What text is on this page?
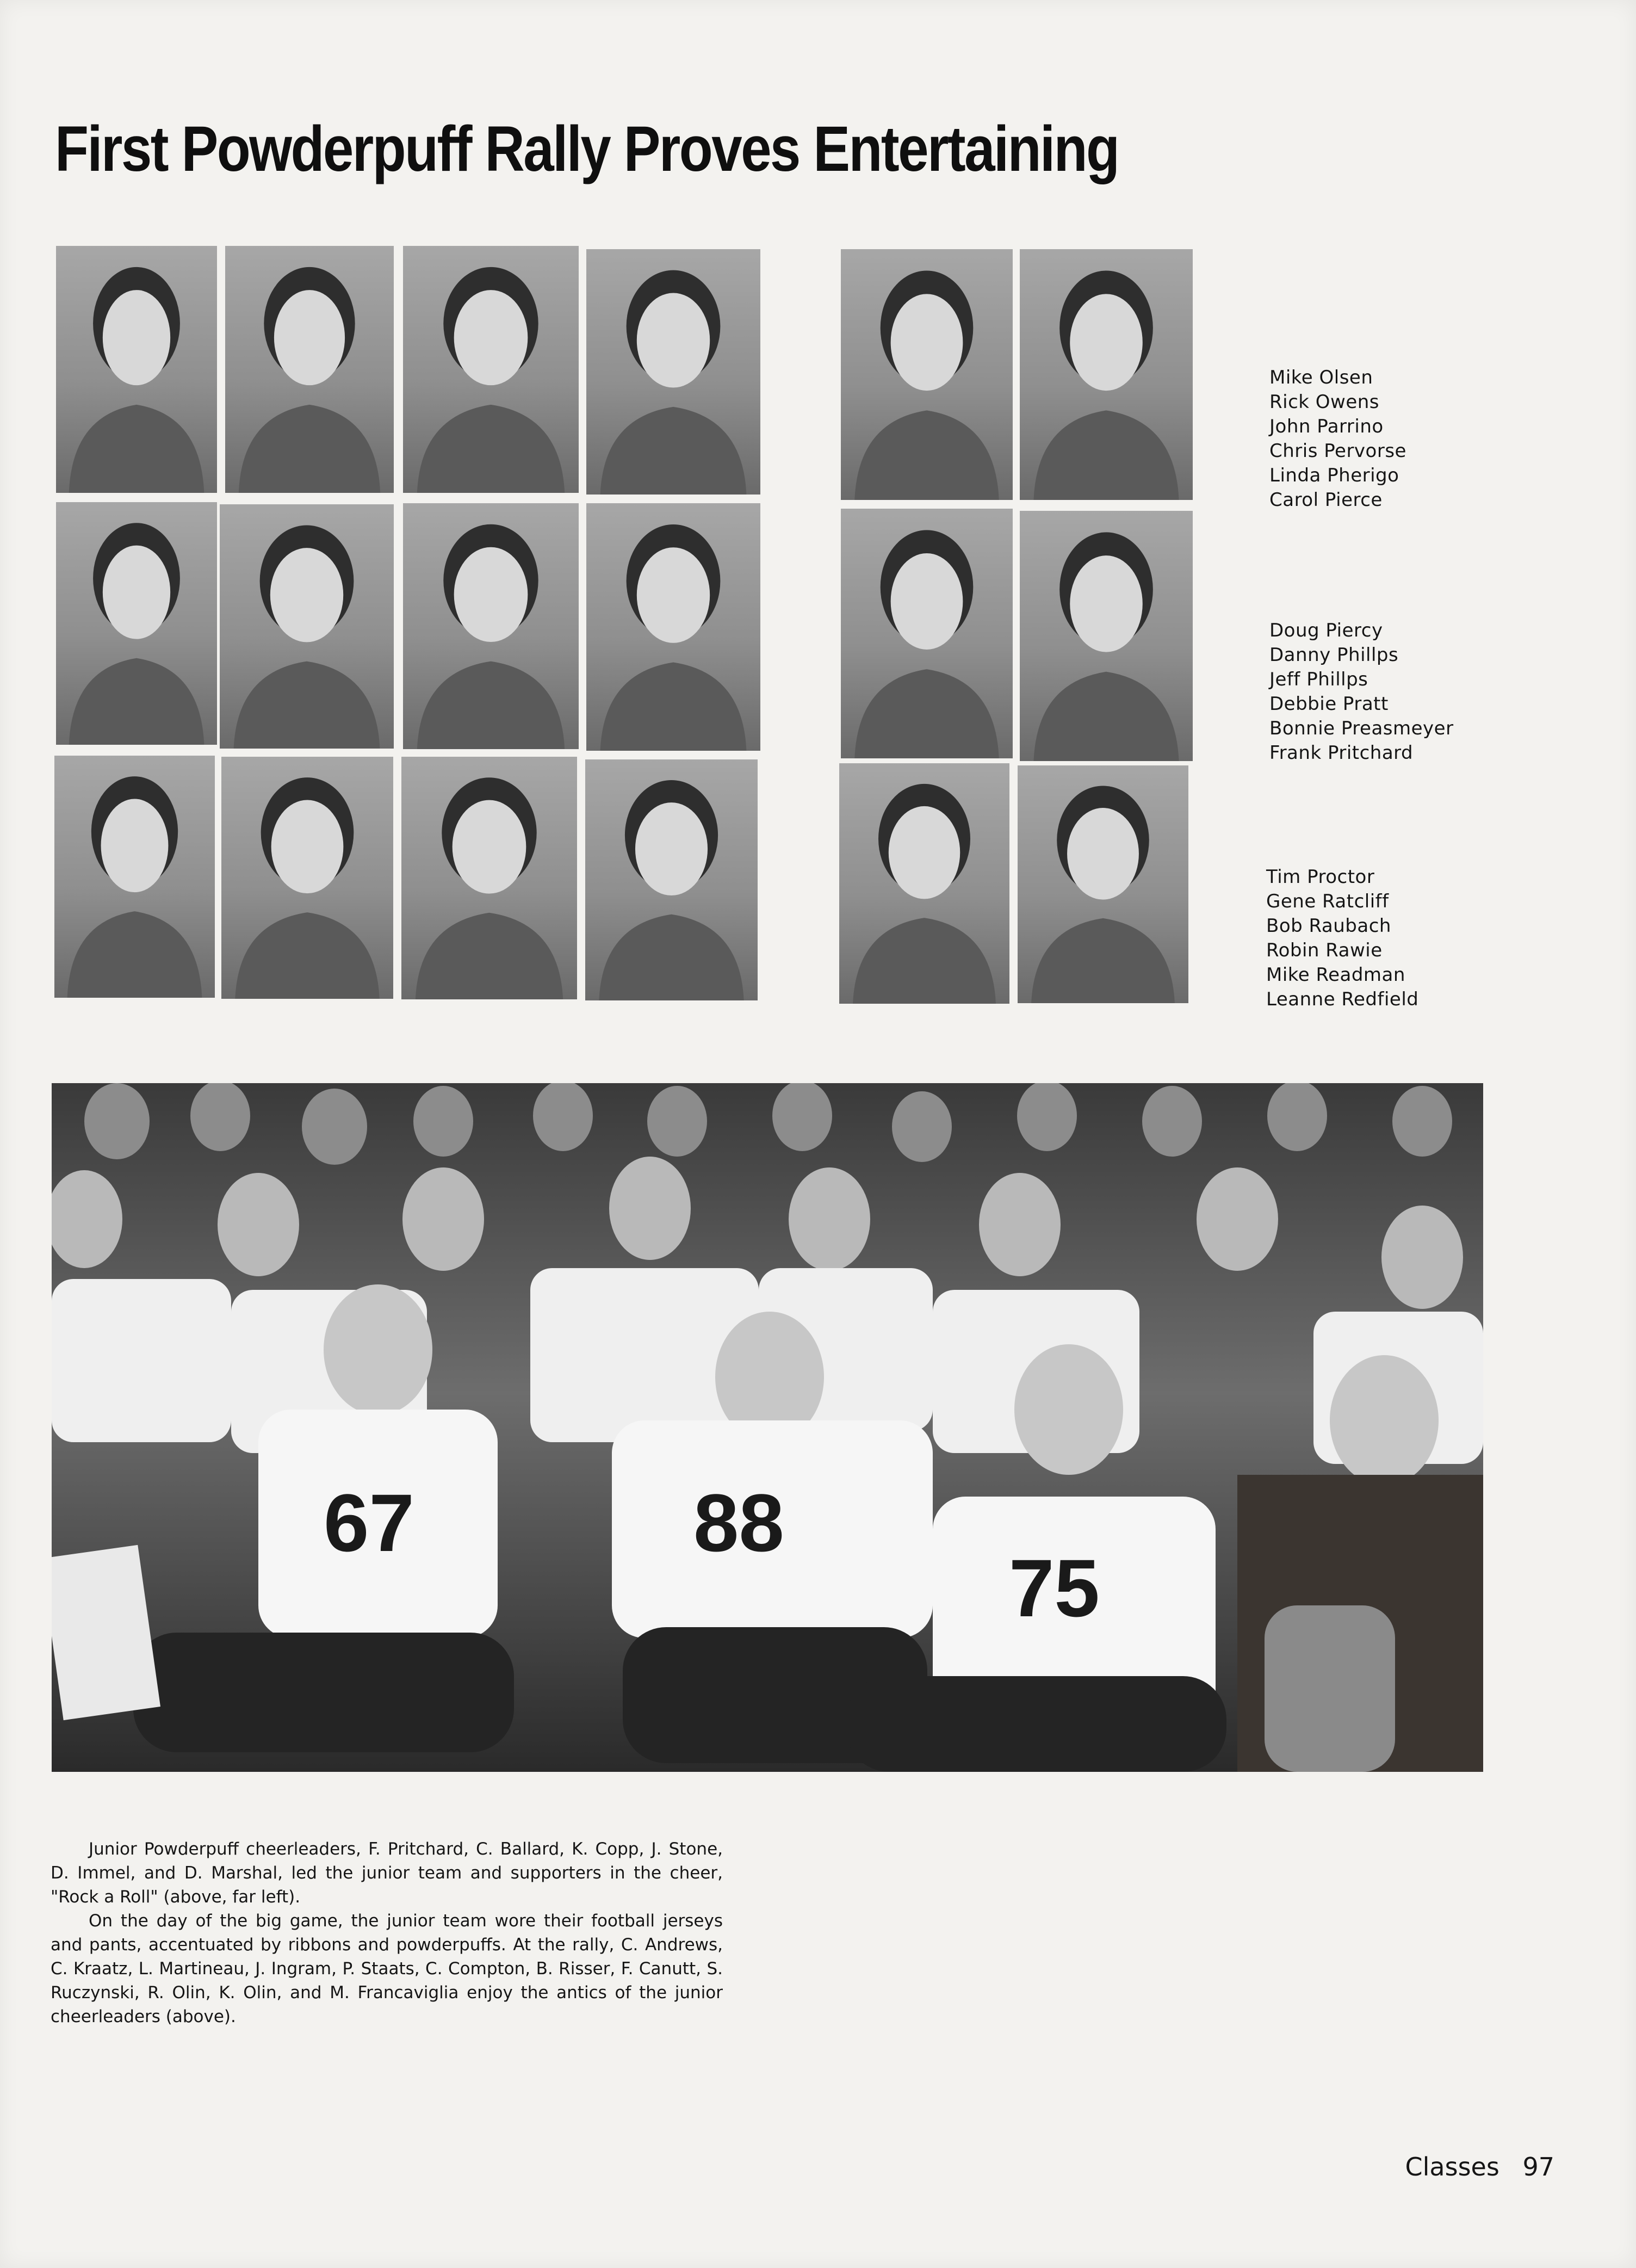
First Powderpuff Rally Proves Entertaining
Mike Olsen
Rick Owens
John Parrino
Chris Pervorse
Linda Pherigo
Carol Pierce
Doug Piercy
Danny Phillps
Jeff Phillps
Debbie Pratt
Bonnie Preasmeyer
Frank Pritchard
Tim Proctor
Gene Ratcliff
Bob Raubach
Robin Rawie
Mike Readman
Leanne Redfield
67	88
75

Junior Powderpuff cheerleaders, F. Pritchard, C. Ballard, K. Copp, J. Stone, D. Immel, and D. Marshal, led the junior team and supporters in the cheer, "Rock a Roll" (above, far left).

On the day of the big game, the junior team wore their football jerseys and pants, accentuated by ribbons and powderpuffs. At the rally, C. Andrews, C. Kraatz, L. Martineau, J. Ingram, P. Staats, C. Compton, B. Risser, F. Canutt, S. Ruczynski, R. Olin, K. Olin, and M. Francaviglia enjoy the antics of the junior cheerleaders (above).

Classes 97
